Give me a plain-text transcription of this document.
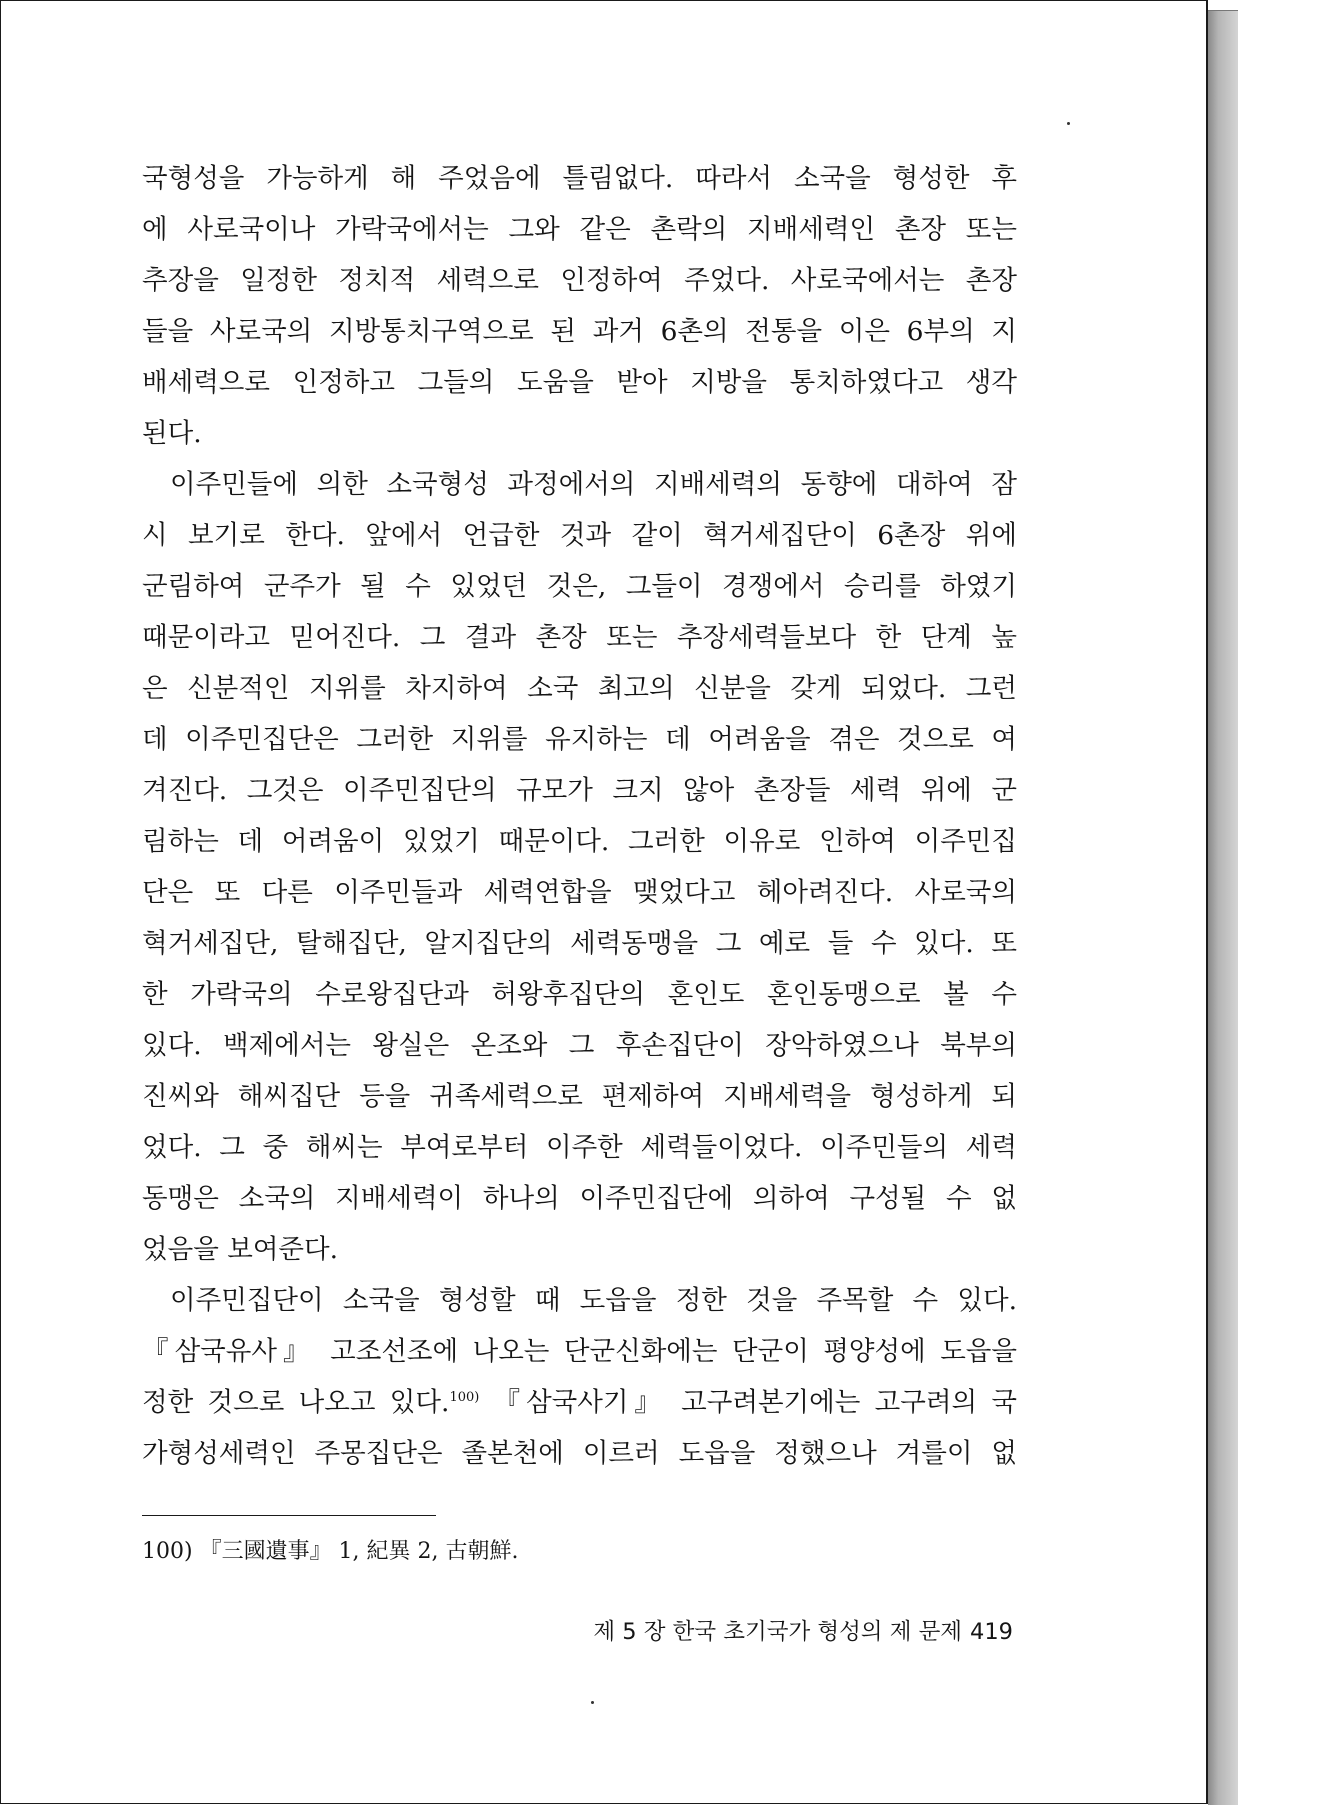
국형성을 가능하게 해 주었음에 틀림없다. 따라서 소국을 형성한 후
에 사로국이나 가락국에서는 그와 같은 촌락의 지배세력인 촌장 또는
추장을 일정한 정치적 세력으로 인정하여 주었다. 사로국에서는 촌장
들을 사로국의 지방통치구역으로 된 과거 6촌의 전통을 이은 6부의 지
배세력으로 인정하고 그들의 도움을 받아 지방을 통치하였다고 생각
된다.

이주민들에 의한 소국형성 과정에서의 지배세력의 동향에 대하여 잠
시 보기로 한다. 앞에서 언급한 것과 같이 혁거세집단이 6촌장 위에
군림하여 군주가 될 수 있었던 것은, 그들이 경쟁에서 승리를 하였기
때문이라고 믿어진다. 그 결과 촌장 또는 추장세력들보다 한 단계 높
은 신분적인 지위를 차지하여 소국 최고의 신분을 갖게 되었다. 그런
데 이주민집단은 그러한 지위를 유지하는 데 어려움을 겪은 것으로 여
겨진다. 그것은 이주민집단의 규모가 크지 않아 촌장들 세력 위에 군
림하는 데 어려움이 있었기 때문이다. 그러한 이유로 인하여 이주민집
단은 또 다른 이주민들과 세력연합을 맺었다고 헤아려진다. 사로국의
혁거세집단, 탈해집단, 알지집단의 세력동맹을 그 예로 들 수 있다. 또
한 가락국의 수로왕집단과 허왕후집단의 혼인도 혼인동맹으로 볼 수
있다. 백제에서는 왕실은 온조와 그 후손집단이 장악하였으나 북부의
진씨와 해씨집단 등을 귀족세력으로 편제하여 지배세력을 형성하게 되
었다. 그 중 해씨는 부여로부터 이주한 세력들이었다. 이주민들의 세력
동맹은 소국의 지배세력이 하나의 이주민집단에 의하여 구성될 수 없
었음을 보여준다.

이주민집단이 소국을 형성할 때 도읍을 정한 것을 주목할 수 있다.
『삼국유사』 고조선조에 나오는 단군신화에는 단군이 평양성에 도읍을
정한 것으로 나오고 있다.$^{100)}$ 『삼국사기』 고구려본기에는 고구려의 국
가형성세력인 주몽집단은 졸본천에 이르러 도읍을 정했으나 겨를이 없

100) 『三國遺事』 1, 紀異 2, 古朝鮮.
제 5 장 한국 초기국가 형성의 제 문제 419
